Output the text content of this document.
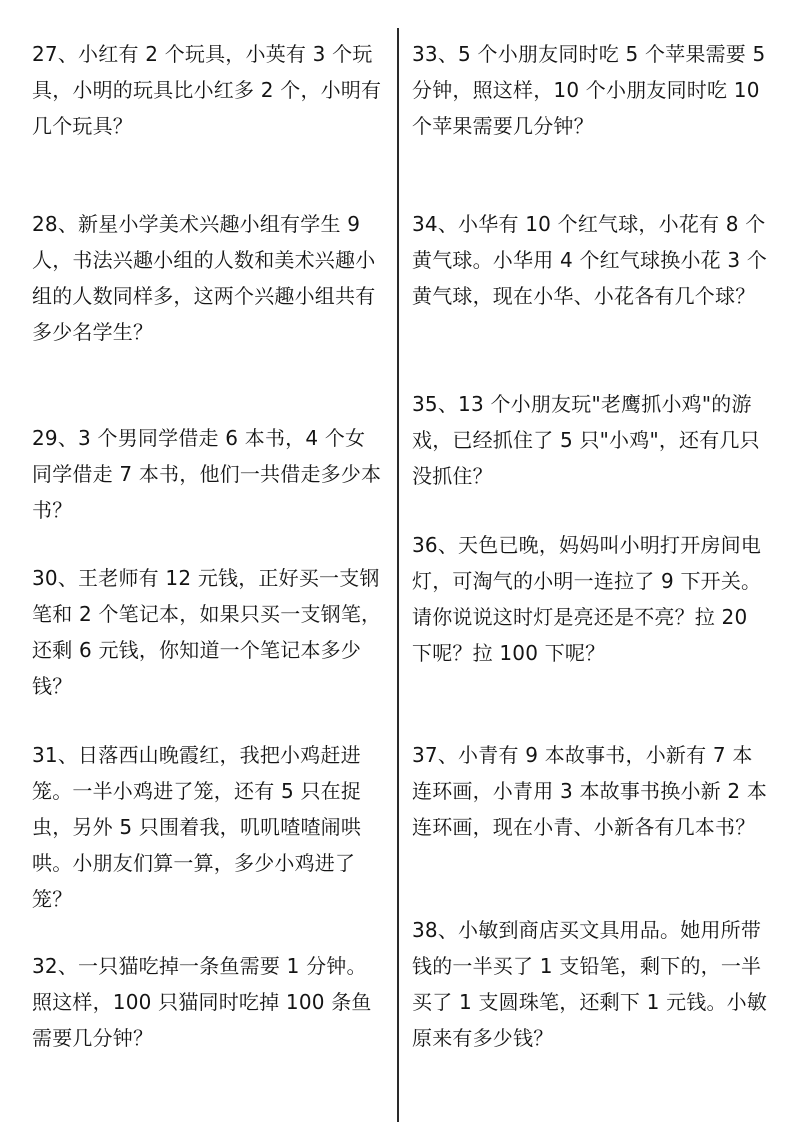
27、小红有 2 个玩具，小英有 3 个玩具，小明的玩具比小红多 2 个，小明有几个玩具？

28、新星小学美术兴趣小组有学生 9 人，书法兴趣小组的人数和美术兴趣小组的人数同样多，这两个兴趣小组共有多少名学生？

29、3 个男同学借走 6 本书，4 个女同学借走 7 本书，他们一共借走多少本书？

30、王老师有 12 元钱，正好买一支钢笔和 2 个笔记本，如果只买一支钢笔，还剩 6 元钱，你知道一个笔记本多少钱？

31、日落西山晚霞红，我把小鸡赶进笼。一半小鸡进了笼，还有 5 只在捉虫，另外 5 只围着我，叽叽喳喳闹哄哄。小朋友们算一算，多少小鸡进了笼？

32、一只猫吃掉一条鱼需要 1 分钟。照这样，100 只猫同时吃掉 100 条鱼需要几分钟？

33、5 个小朋友同时吃 5 个苹果需要 5 分钟，照这样，10 个小朋友同时吃 10 个苹果需要几分钟？

34、小华有 10 个红气球，小花有 8 个黄气球。小华用 4 个红气球换小花 3 个黄气球，现在小华、小花各有几个球？

35、13 个小朋友玩"老鹰抓小鸡"的游戏，已经抓住了 5 只"小鸡"，还有几只没抓住？

36、天色已晚，妈妈叫小明打开房间电灯，可淘气的小明一连拉了 9 下开关。请你说说这时灯是亮还是不亮？拉 20 下呢？拉 100 下呢？

37、小青有 9 本故事书，小新有 7 本连环画，小青用 3 本故事书换小新 2 本连环画，现在小青、小新各有几本书？

38、小敏到商店买文具用品。她用所带钱的一半买了 1 支铅笔，剩下的，一半买了 1 支圆珠笔，还剩下 1 元钱。小敏原来有多少钱？
